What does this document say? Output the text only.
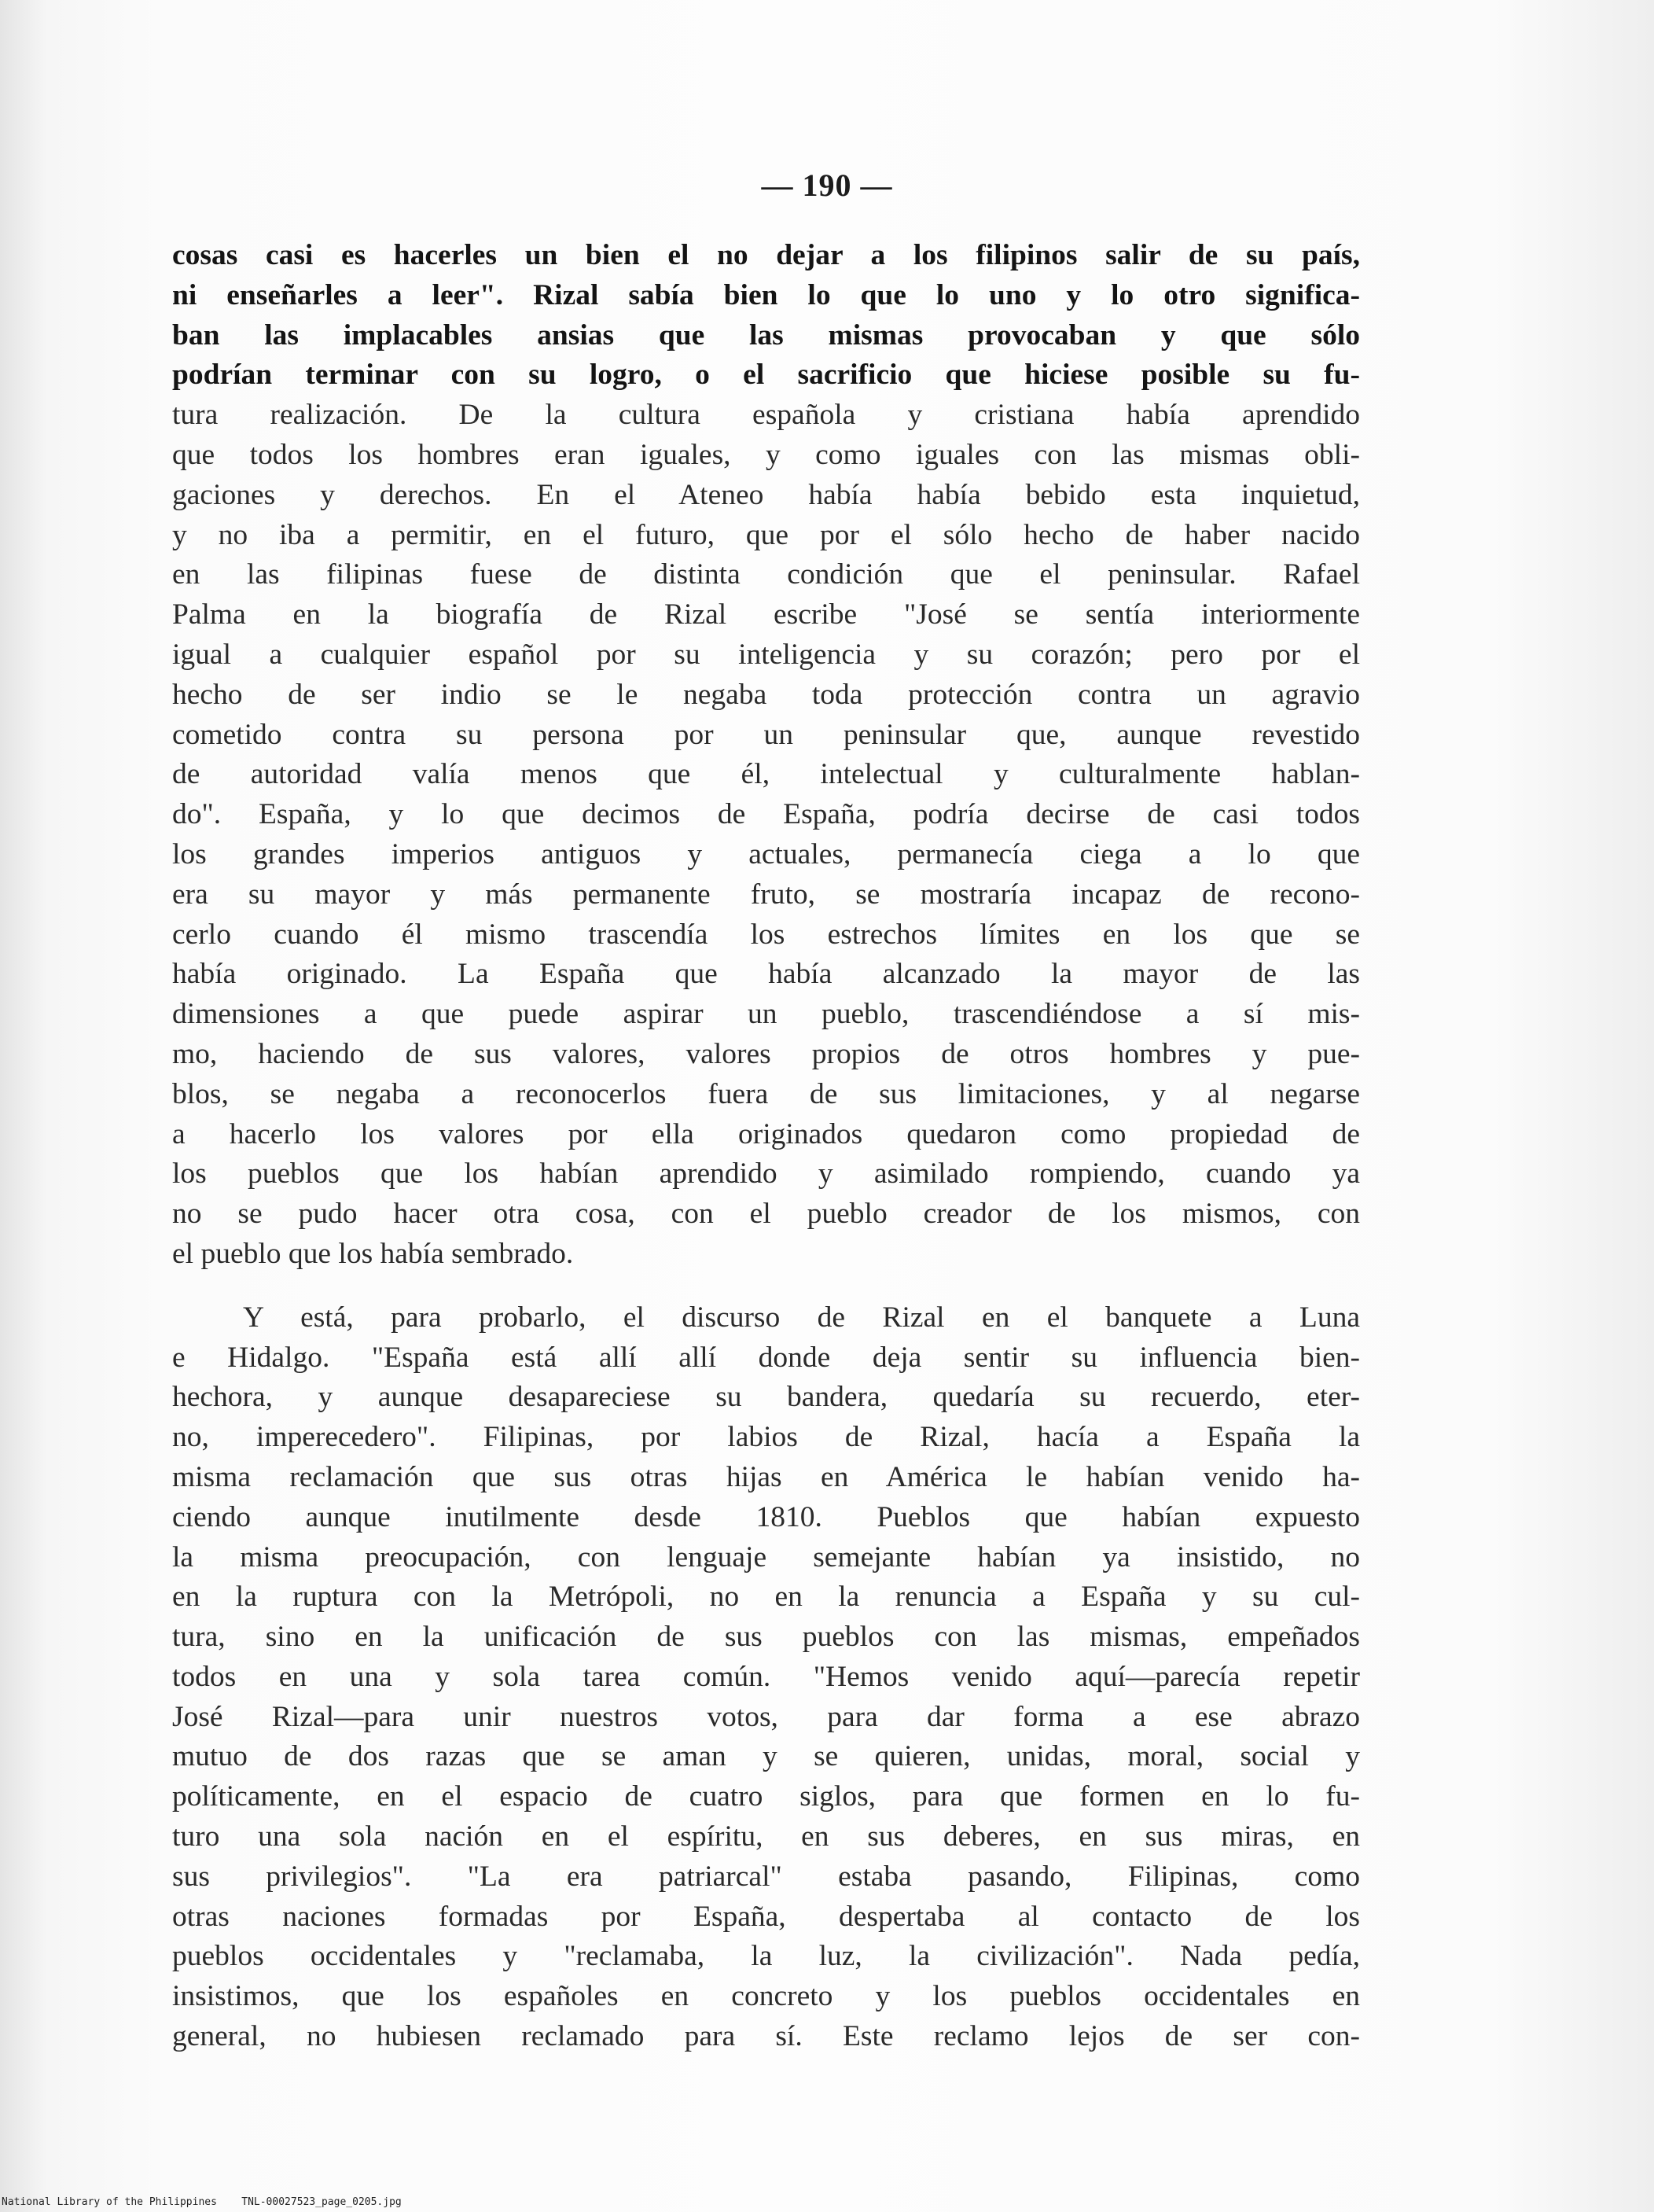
— 190 —

cosas casi es hacerles un bien el no dejar a los filipinos salir de su país,
ni enseñarles a leer". Rizal sabía bien lo que lo uno y lo otro significa-
ban las implacables ansias que las mismas provocaban y que sólo
podrían terminar con su logro, o el sacrificio que hiciese posible su fu-
tura realización. De la cultura española y cristiana había aprendido
que todos los hombres eran iguales, y como iguales con las mismas obli-
gaciones y derechos. En el Ateneo había había bebido esta inquietud,
y no iba a permitir, en el futuro, que por el sólo hecho de haber nacido
en las filipinas fuese de distinta condición que el peninsular. Rafael
Palma en la biografía de Rizal escribe "José se sentía interiormente
igual a cualquier español por su inteligencia y su corazón; pero por el
hecho de ser indio se le negaba toda protección contra un agravio
cometido contra su persona por un peninsular que, aunque revestido
de autoridad valía menos que él, intelectual y culturalmente hablan-
do". España, y lo que decimos de España, podría decirse de casi todos
los grandes imperios antiguos y actuales, permanecía ciega a lo que
era su mayor y más permanente fruto, se mostraría incapaz de recono-
cerlo cuando él mismo trascendía los estrechos límites en los que se
había originado. La España que había alcanzado la mayor de las
dimensiones a que puede aspirar un pueblo, trascendiéndose a sí mis-
mo, haciendo de sus valores, valores propios de otros hombres y pue-
blos, se negaba a reconocerlos fuera de sus limitaciones, y al negarse
a hacerlo los valores por ella originados quedaron como propiedad de
los pueblos que los habían aprendido y asimilado rompiendo, cuando ya
no se pudo hacer otra cosa, con el pueblo creador de los mismos, con
el pueblo que los había sembrado.

Y está, para probarlo, el discurso de Rizal en el banquete a Luna
e Hidalgo. "España está allí allí donde deja sentir su influencia bien-
hechora, y aunque desapareciese su bandera, quedaría su recuerdo, eter-
no, imperecedero". Filipinas, por labios de Rizal, hacía a España la
misma reclamación que sus otras hijas en América le habían venido ha-
ciendo aunque inutilmente desde 1810. Pueblos que habían expuesto
la misma preocupación, con lenguaje semejante habían ya insistido, no
en la ruptura con la Metrópoli, no en la renuncia a España y su cul-
tura, sino en la unificación de sus pueblos con las mismas, empeñados
todos en una y sola tarea común. "Hemos venido aquí—parecía repetir
José Rizal—para unir nuestros votos, para dar forma a ese abrazo
mutuo de dos razas que se aman y se quieren, unidas, moral, social y
políticamente, en el espacio de cuatro siglos, para que formen en lo fu-
turo una sola nación en el espíritu, en sus deberes, en sus miras, en
sus privilegios". "La era patriarcal" estaba pasando, Filipinas, como
otras naciones formadas por España, despertaba al contacto de los
pueblos occidentales y "reclamaba, la luz, la civilización". Nada pedía,
insistimos, que los españoles en concreto y los pueblos occidentales en
general, no hubiesen reclamado para sí. Este reclamo lejos de ser con-

National Library of the Philippines TNL-00027523_page_0205.jpg
